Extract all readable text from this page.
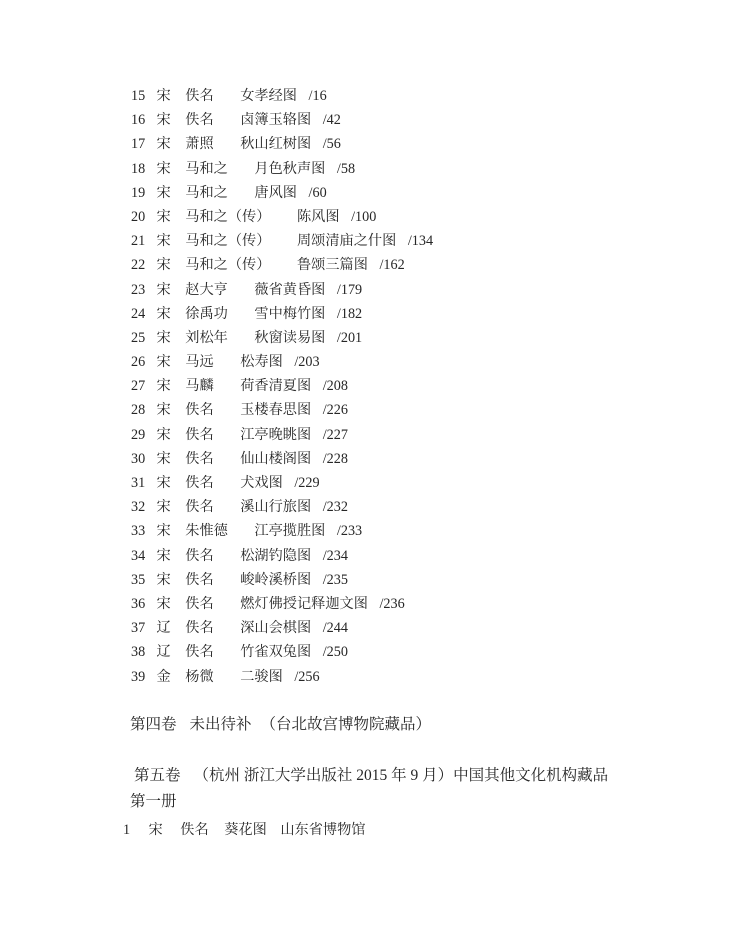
15 宋 佚名 女孝经图 /16
16 宋 佚名 卤簿玉辂图 /42
17 宋 萧照 秋山红树图 /56
18 宋 马和之 月色秋声图 /58
19 宋 马和之 唐风图 /60
20 宋 马和之（传） 陈风图 /100
21 宋 马和之（传） 周颂清庙之什图 /134
22 宋 马和之（传） 鲁颂三篇图 /162
23 宋 赵大亨 薇省黄昏图 /179
24 宋 徐禹功 雪中梅竹图 /182
25 宋 刘松年 秋窗读易图 /201
26 宋 马远 松寿图 /203
27 宋 马麟 荷香清夏图 /208
28 宋 佚名 玉楼春思图 /226
29 宋 佚名 江亭晚眺图 /227
30 宋 佚名 仙山楼阁图 /228
31 宋 佚名 犬戏图 /229
32 宋 佚名 溪山行旅图 /232
33 宋 朱惟德 江亭揽胜图 /233
34 宋 佚名 松湖钓隐图 /234
35 宋 佚名 峻岭溪桥图 /235
36 宋 佚名 燃灯佛授记释迦文图 /236
37 辽 佚名 深山会棋图 /244
38 辽 佚名 竹雀双兔图 /250
39 金 杨微 二骏图 /256
第四卷 未出待补 （台北故宫博物院藏品）
第五卷 （杭州 浙江大学出版社 2015 年 9 月）中国其他文化机构藏品
第一册
1 宋 佚名 葵花图 山东省博物馆
